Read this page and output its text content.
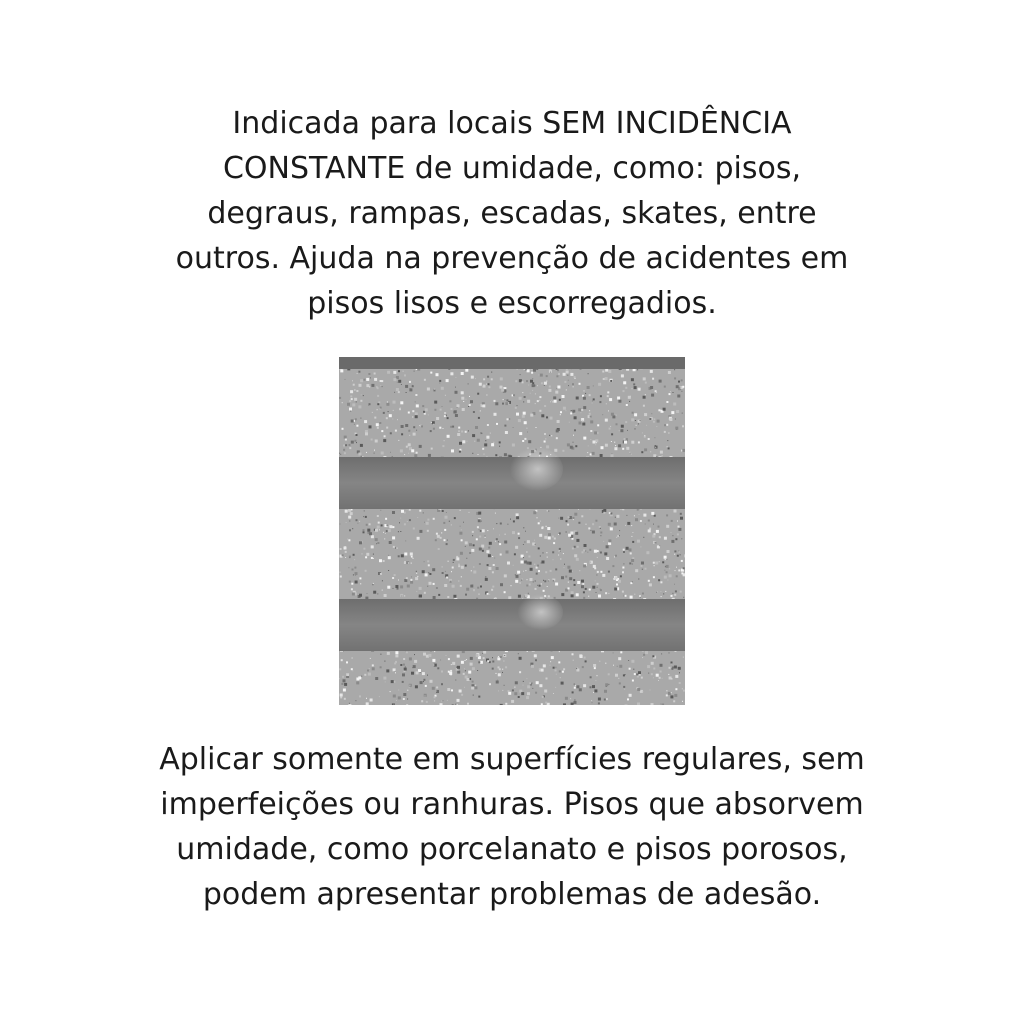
Indicada para locais SEM INCIDÊNCIA
CONSTANTE de umidade, como: pisos,
degraus, rampas, escadas, skates, entre
outros. Ajuda na prevenção de acidentes em
pisos lisos e escorregadios.
Aplicar somente em superfícies regulares, sem
imperfeições ou ranhuras. Pisos que absorvem
umidade, como porcelanato e pisos porosos,
podem apresentar problemas de adesão.
